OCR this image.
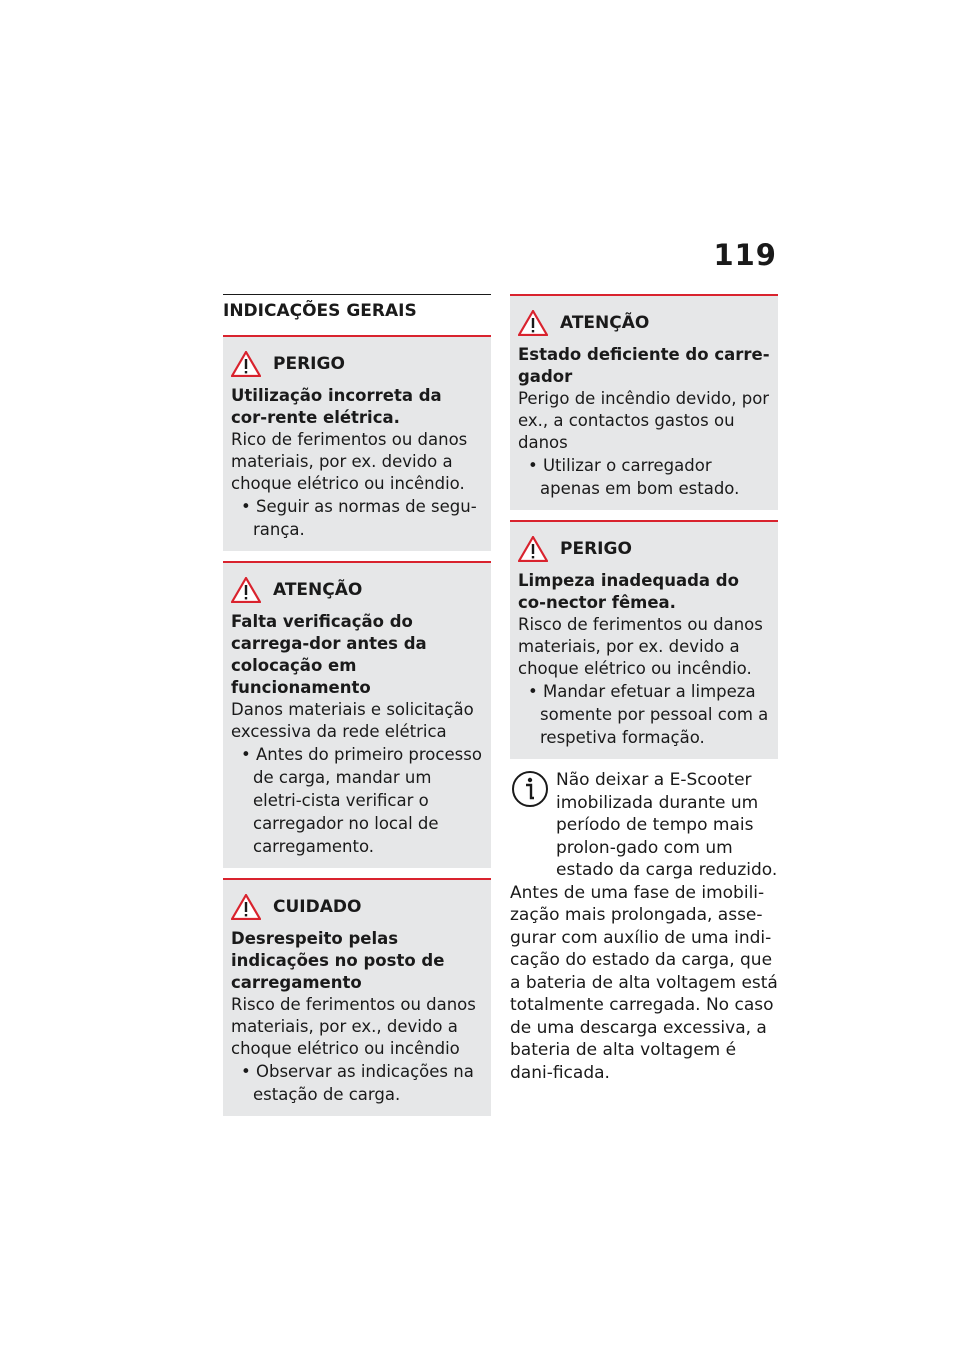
119
INDICAÇÕES GERAIS
PERIGO
Utilização incorreta da cor-rente elétrica.
Rico de ferimentos ou danos materiais, por ex. devido a choque elétrico ou incêndio.
• Seguir as normas de segu-rança.
ATENÇÃO
Falta verificação do carrega-dor antes da colocação em funcionamento
Danos materiais e solicitação excessiva da rede elétrica
• Antes do primeiro processo de carga, mandar um eletri-cista verificar o carregador no local de carregamento.
CUIDADO
Desrespeito pelas indicações no posto de carregamento
Risco de ferimentos ou danos materiais, por ex., devido a choque elétrico ou incêndio
• Observar as indicações na estação de carga.
ATENÇÃO
Estado deficiente do carre-gador
Perigo de incêndio devido, por ex., a contactos gastos ou danos
• Utilizar o carregador apenas em bom estado.
PERIGO
Limpeza inadequada do co-nector fêmea.
Risco de ferimentos ou danos materiais, por ex. devido a choque elétrico ou incêndio.
• Mandar efetuar a limpeza somente por pessoal com a respetiva formação.
Não deixar a E-Scooter imobilizada durante um período de tempo mais prolon-gado com um estado da carga reduzido.
Antes de uma fase de imobili-zação mais prolongada, asse-gurar com auxílio de uma indi-cação do estado da carga, que a bateria de alta voltagem está totalmente carregada. No caso de uma descarga excessiva, a bateria de alta voltagem é dani-ficada.
